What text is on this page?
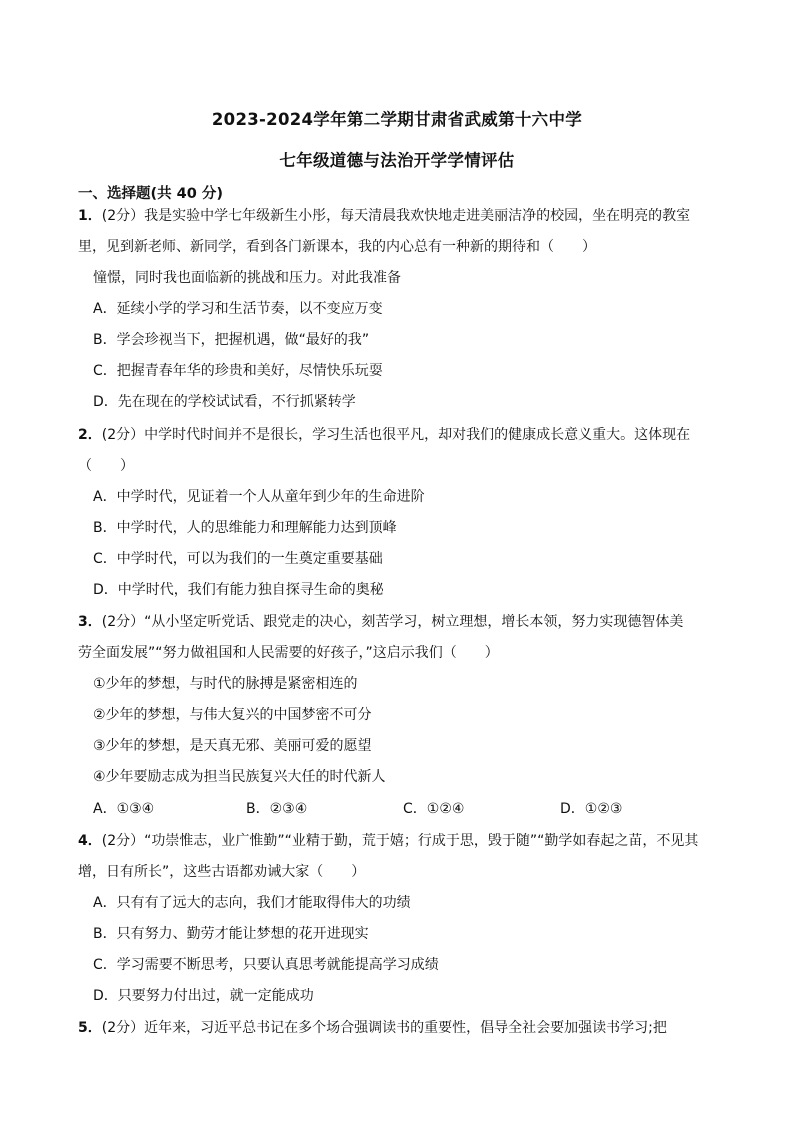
2023-2024学年第二学期甘肃省武威第十六中学
七年级道德与法治开学学情评估
一、选择题(共 40 分)
1．(2分）我是实验中学七年级新生小彤，每天清晨我欢快地走进美丽洁净的校园，坐在明亮的教室
里，见到新老师、新同学，看到各门新课本，我的内心总有一种新的期待和（　　）
憧憬，同时我也面临新的挑战和压力。对此我准备
A．延续小学的学习和生活节奏，以不变应万变
B．学会珍视当下，把握机遇，做“最好的我”
C．把握青春年华的珍贵和美好，尽情快乐玩耍
D．先在现在的学校试试看，不行抓紧转学
2．(2分）中学时代时间并不是很长，学习生活也很平凡，却对我们的健康成长意义重大。这体现在
（　　）
A．中学时代，见证着一个人从童年到少年的生命进阶
B．中学时代，人的思维能力和理解能力达到顶峰
C．中学时代，可以为我们的一生奠定重要基础
D．中学时代，我们有能力独自探寻生命的奥秘
3．(2分）“从小坚定听党话、跟党走的决心，刻苦学习，树立理想，增长本领，努力实现德智体美
劳全面发展”“努力做祖国和人民需要的好孩子，”这启示我们（　　）
①少年的梦想，与时代的脉搏是紧密相连的
②少年的梦想，与伟大复兴的中国梦密不可分
③少年的梦想，是天真无邪、美丽可爱的愿望
④少年要励志成为担当民族复兴大任的时代新人
A．①③④	B．②③④	C．①②④	D．①②③
4．(2分）“功崇惟志，业广惟勤”“业精于勤，荒于嬉；行成于思，毁于随”“勤学如春起之苗，不见其
增，日有所长”，这些古语都劝诫大家（　　）
A．只有有了远大的志向，我们才能取得伟大的功绩
B．只有努力、勤劳才能让梦想的花开进现实
C．学习需要不断思考，只要认真思考就能提高学习成绩
D．只要努力付出过，就一定能成功
5．(2分）近年来，习近平总书记在多个场合强调读书的重要性，倡导全社会要加强读书学习;把
